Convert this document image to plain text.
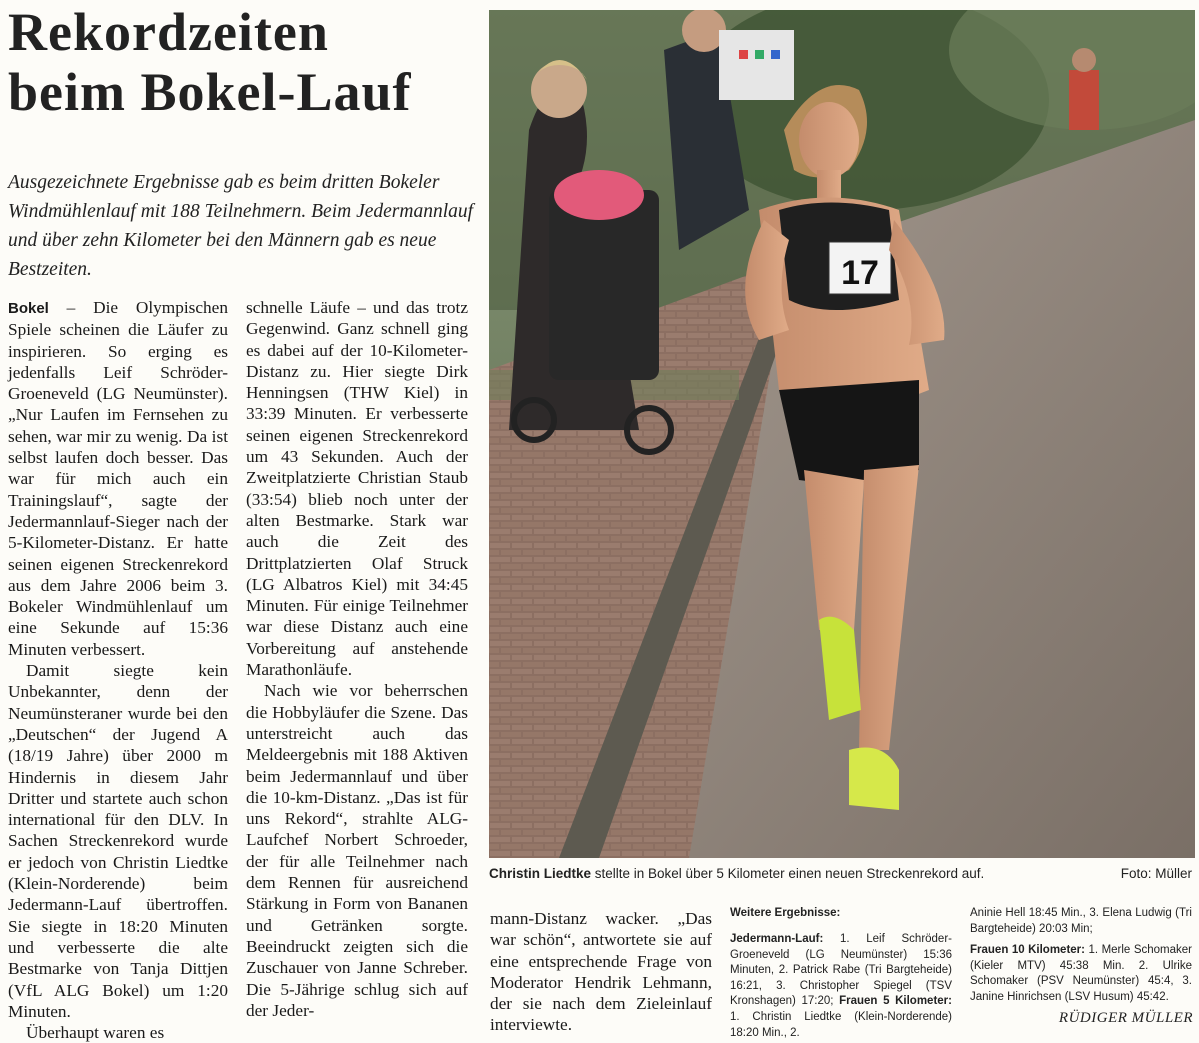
Rekordzeiten
beim Bokel-Lauf
Ausgezeichnete Ergebnisse gab es beim dritten Bokeler Windmühlenlauf mit 188 Teilnehmern. Beim Jedermannlauf und über zehn Kilometer bei den Männern gab es neue Bestzeiten.

Bokel – Die Olympischen Spiele scheinen die Läufer zu inspirieren. So erging es jedenfalls Leif Schröder-Groeneveld (LG Neumünster). „Nur Laufen im Fernsehen zu sehen, war mir zu wenig. Da ist selbst laufen doch besser. Das war für mich auch ein Trainingslauf“, sagte der Jedermannlauf-Sieger nach der 5-Kilometer-Distanz. Er hatte seinen eigenen Streckenrekord aus dem Jahre 2006 beim 3. Bokeler Windmühlenlauf um eine Sekunde auf 15:36 Minuten verbessert.

Damit siegte kein Unbekannter, denn der Neumünsteraner wurde bei den „Deutschen“ der Jugend A (18/19 Jahre) über 2000 m Hindernis in diesem Jahr Dritter und startete auch schon international für den DLV. In Sachen Streckenrekord wurde er jedoch von Christin Liedtke (Klein-Norderende) beim Jedermann-Lauf übertroffen. Sie siegte in 18:20 Minuten und verbesserte die alte Bestmarke von Tanja Dittjen (VfL ALG Bokel) um 1:20 Minuten.

Überhaupt waren es

schnelle Läufe – und das trotz Gegenwind. Ganz schnell ging es dabei auf der 10-Kilometer-Distanz zu. Hier siegte Dirk Henningsen (THW Kiel) in 33:39 Minuten. Er verbesserte seinen eigenen Streckenrekord um 43 Sekunden. Auch der Zweitplatzierte Christian Staub (33:54) blieb noch unter der alten Bestmarke. Stark war auch die Zeit des Drittplatzierten Olaf Struck (LG Albatros Kiel) mit 34:45 Minuten. Für einige Teilnehmer war diese Distanz auch eine Vorbereitung auf anstehende Marathonläufe.

Nach wie vor beherrschen die Hobbyläufer die Szene. Das unterstreicht auch das Meldeergebnis mit 188 Aktiven beim Jedermannlauf und über die 10-km-Distanz. „Das ist für uns Rekord“, strahlte ALG-Laufchef Norbert Schroeder, der für alle Teilnehmer nach dem Rennen für ausreichend Stärkung in Form von Bananen und Getränken sorgte. Beeindruckt zeigten sich die Zuschauer von Janne Schreber. Die 5-Jährige schlug sich auf der Jeder-

mann-Distanz wacker. „Das war schön“, antwortete sie auf eine entsprechende Frage von Moderator Hendrik Lehmann, der sie nach dem Zieleinlauf interviewte.

17
Christin Liedtke stellte in Bokel über 5 Kilometer einen neuen Streckenrekord auf.	Foto: Müller
Weitere Ergebnisse:
Jedermann-Lauf: 1. Leif Schröder-Groeneveld (LG Neumünster) 15:36 Minuten, 2. Patrick Rabe (Tri Bargteheide) 16:21, 3. Christopher Spiegel (TSV Kronshagen) 17:20; Frauen 5 Kilometer: 1. Christin Liedtke (Klein-Norderende) 18:20 Min., 2.

Aninie Hell 18:45 Min., 3. Elena Ludwig (Tri Bargteheide) 20:03 Min;

Frauen 10 Kilometer: 1. Merle Schomaker (Kieler MTV) 45:38 Min. 2. Ulrike Schomaker (PSV Neumünster) 45:4, 3. Janine Hinrichsen (LSV Husum) 45:42.

RÜDIGER MÜLLER
